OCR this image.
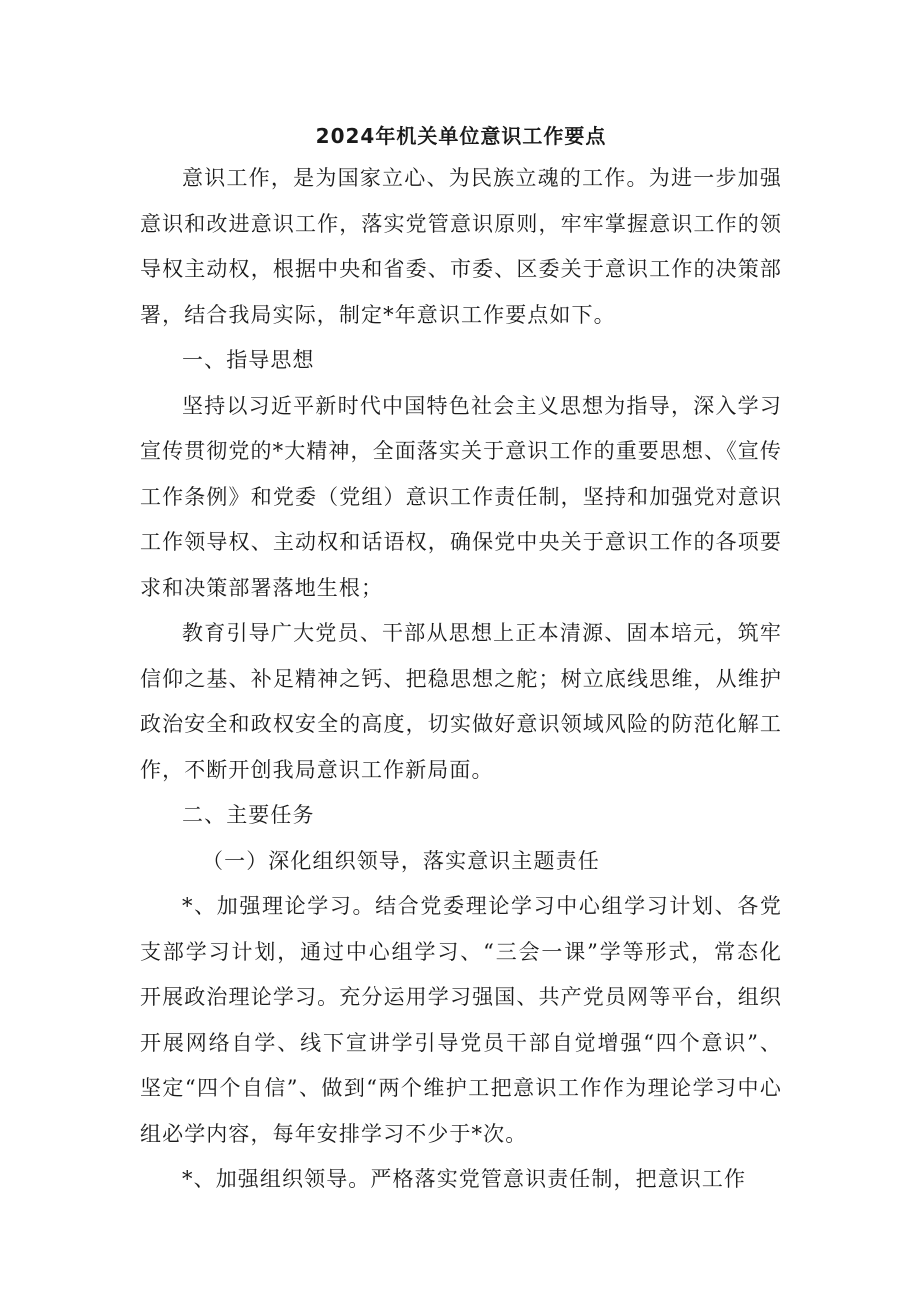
2024年机关单位意识工作要点

意识工作，是为国家立心、为民族立魂的工作。为进一步加强意识和改进意识工作，落实党管意识原则，牢牢掌握意识工作的领导权主动权，根据中央和省委、市委、区委关于意识工作的决策部署，结合我局实际，制定*年意识工作要点如下。

一、指导思想

坚持以习近平新时代中国特色社会主义思想为指导，深入学习宣传贯彻党的*大精神，全面落实关于意识工作的重要思想、《宣传工作条例》和党委（党组）意识工作责任制，坚持和加强党对意识工作领导权、主动权和话语权，确保党中央关于意识工作的各项要求和决策部署落地生根；

教育引导广大党员、干部从思想上正本清源、固本培元，筑牢信仰之基、补足精神之钙、把稳思想之舵；树立底线思维，从维护政治安全和政权安全的高度，切实做好意识领域风险的防范化解工作，不断开创我局意识工作新局面。

二、主要任务

（一）深化组织领导，落实意识主题责任

*、加强理论学习。结合党委理论学习中心组学习计划、各党支部学习计划，通过中心组学习、“三会一课”学等形式，常态化开展政治理论学习。充分运用学习强国、共产党员网等平台，组织开展网络自学、线下宣讲学引导党员干部自觉增强“四个意识”、坚定“四个自信”、做到“两个维护工把意识工作作为理论学习中心组必学内容，每年安排学习不少于*次。

*、加强组织领导。严格落实党管意识责任制，把意识工作
